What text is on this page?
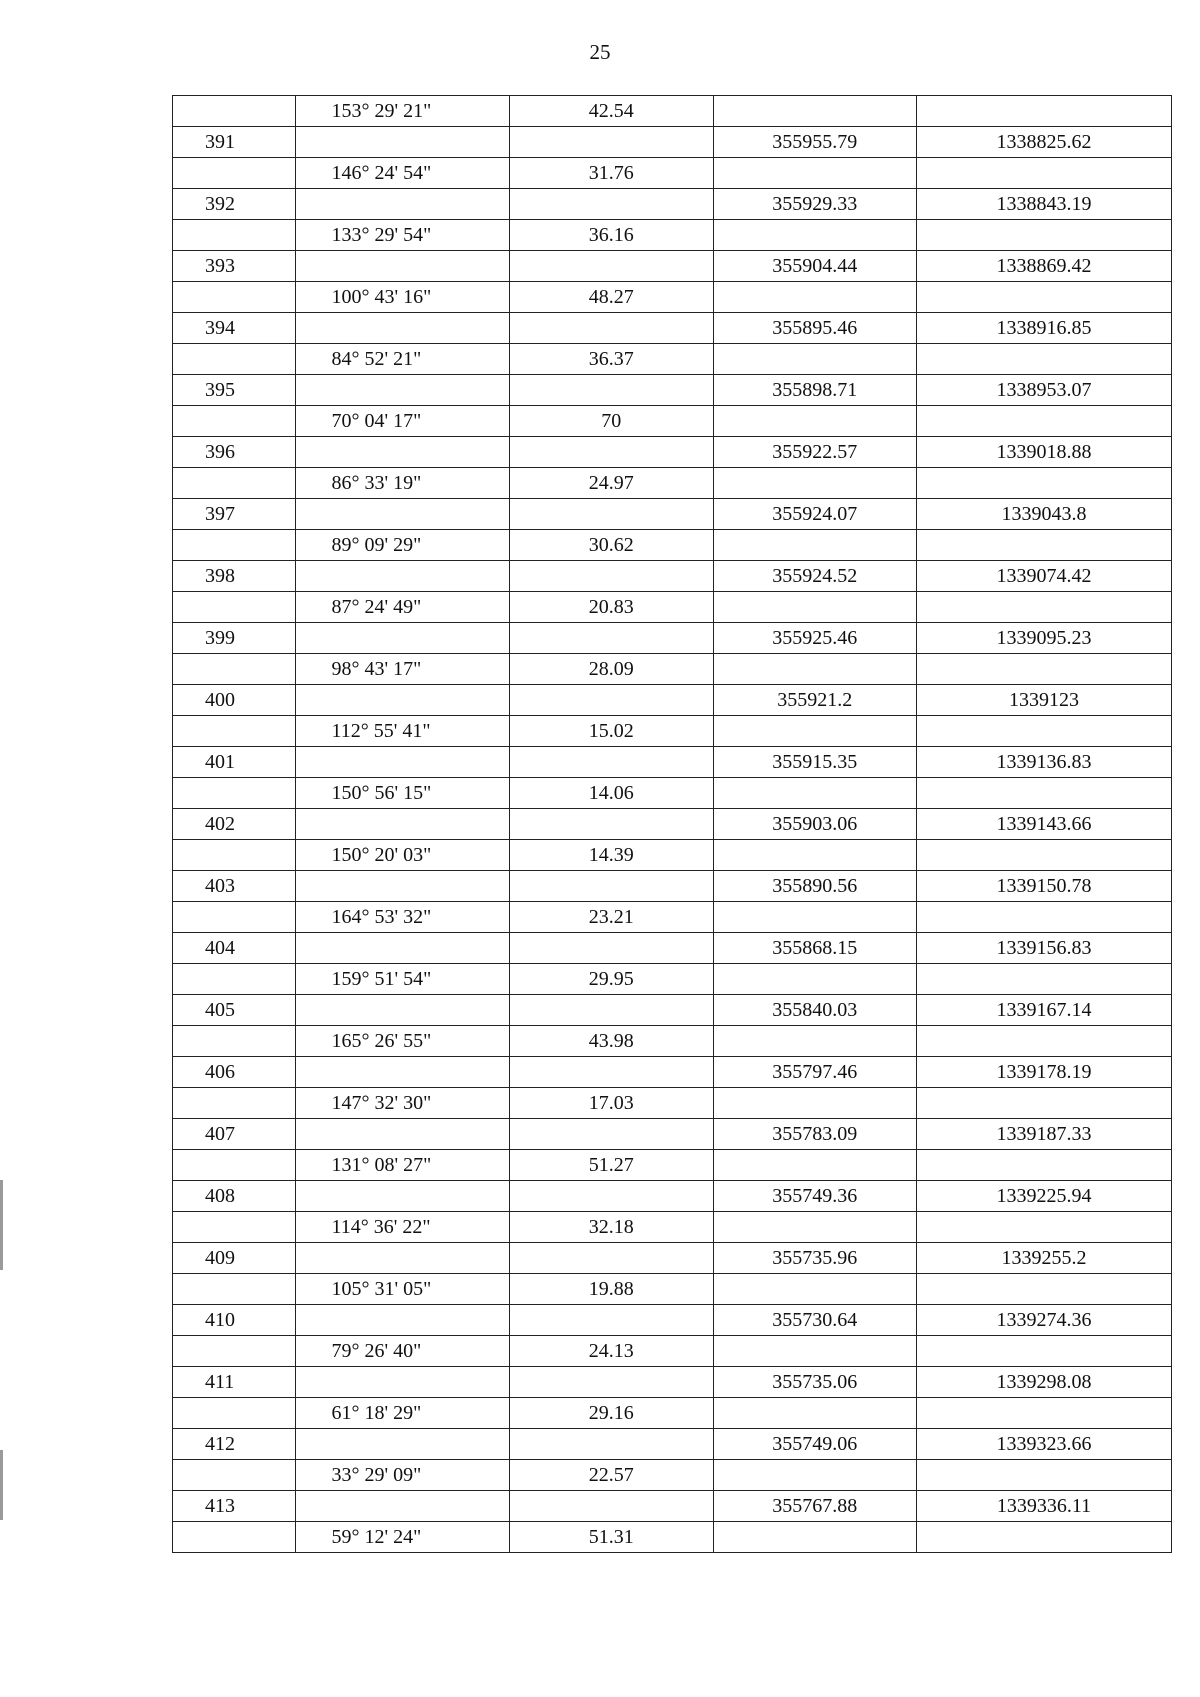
25
	153° 29' 21"	42.54		
391			355955.79	1338825.62
	146° 24' 54"	31.76		
392			355929.33	1338843.19
	133° 29' 54"	36.16		
393			355904.44	1338869.42
	100° 43' 16"	48.27		
394			355895.46	1338916.85
	84° 52' 21"	36.37		
395			355898.71	1338953.07
	70° 04' 17"	70		
396			355922.57	1339018.88
	86° 33' 19"	24.97		
397			355924.07	1339043.8
	89° 09' 29"	30.62		
398			355924.52	1339074.42
	87° 24' 49"	20.83		
399			355925.46	1339095.23
	98° 43' 17"	28.09		
400			355921.2	1339123
	112° 55' 41"	15.02		
401			355915.35	1339136.83
	150° 56' 15"	14.06		
402			355903.06	1339143.66
	150° 20' 03"	14.39		
403			355890.56	1339150.78
	164° 53' 32"	23.21		
404			355868.15	1339156.83
	159° 51' 54"	29.95		
405			355840.03	1339167.14
	165° 26' 55"	43.98		
406			355797.46	1339178.19
	147° 32' 30"	17.03		
407			355783.09	1339187.33
	131° 08' 27"	51.27		
408			355749.36	1339225.94
	114° 36' 22"	32.18		
409			355735.96	1339255.2
	105° 31' 05"	19.88		
410			355730.64	1339274.36
	79° 26' 40"	24.13		
411			355735.06	1339298.08
	61° 18' 29"	29.16		
412			355749.06	1339323.66
	33° 29' 09"	22.57		
413			355767.88	1339336.11
	59° 12' 24"	51.31		
